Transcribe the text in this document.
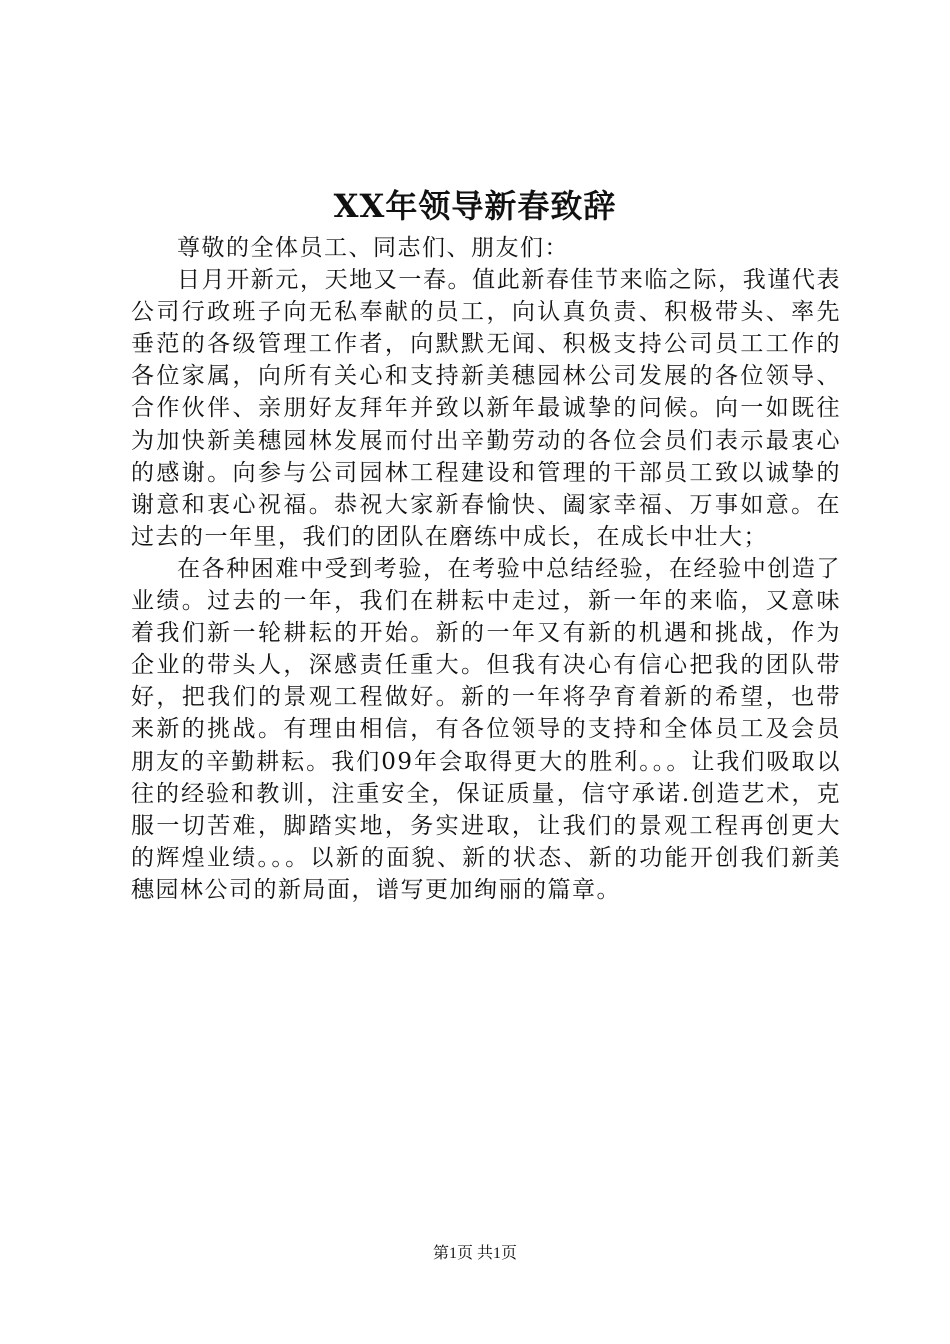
XX年领导新春致辞

尊敬的全体员工、同志们、朋友们：

日月开新元，天地又一春。值此新春佳节来临之际，我谨代表公司行政班子向无私奉献的员工，向认真负责、积极带头、率先垂范的各级管理工作者，向默默无闻、积极支持公司员工工作的各位家属，向所有关心和支持新美穗园林公司发展的各位领导、合作伙伴、亲朋好友拜年并致以新年最诚挚的问候。向一如既往为加快新美穗园林发展而付出辛勤劳动的各位会员们表示最衷心的感谢。向参与公司园林工程建设和管理的干部员工致以诚挚的谢意和衷心祝福。恭祝大家新春愉快、阖家幸福、万事如意。在过去的一年里，我们的团队在磨练中成长，在成长中壮大；

在各种困难中受到考验，在考验中总结经验，在经验中创造了业绩。过去的一年，我们在耕耘中走过，新一年的来临，又意味着我们新一轮耕耘的开始。新的一年又有新的机遇和挑战，作为企业的带头人，深感责任重大。但我有决心有信心把我的团队带好，把我们的景观工程做好。新的一年将孕育着新的希望，也带来新的挑战。有理由相信，有各位领导的支持和全体员工及会员朋友的辛勤耕耘。我们09年会取得更大的胜利。。。让我们吸取以往的经验和教训，注重安全，保证质量，信守承诺.创造艺术，克服一切苦难，脚踏实地，务实进取，让我们的景观工程再创更大的辉煌业绩。。。以新的面貌、新的状态、新的功能开创我们新美穗园林公司的新局面，谱写更加绚丽的篇章。

第1页 共1页
